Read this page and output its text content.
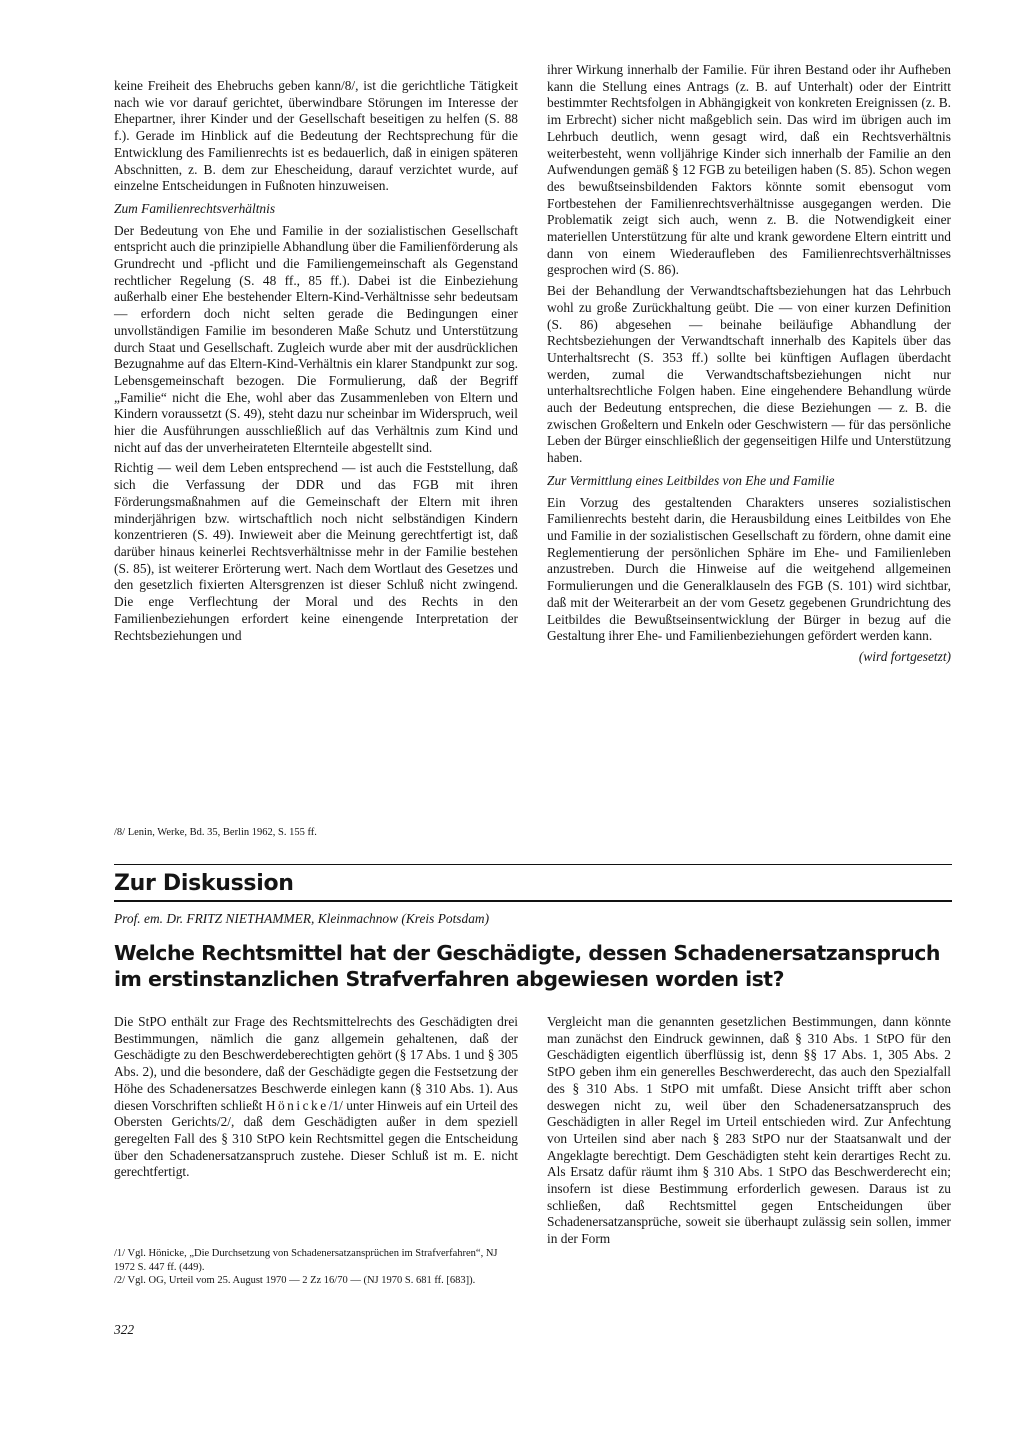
keine Freiheit des Ehebruchs geben kann/8/, ist die gerichtliche Tätigkeit nach wie vor darauf gerichtet, überwindbare Störungen im Interesse der Ehepartner, ihrer Kinder und der Gesellschaft beseitigen zu helfen (S. 88 f.). Gerade im Hinblick auf die Bedeutung der Rechtsprechung für die Entwicklung des Familienrechts ist es bedauerlich, daß in einigen späteren Abschnitten, z. B. dem zur Ehescheidung, darauf verzichtet wurde, auf einzelne Entscheidungen in Fußnoten hinzuweisen.

Zum Familienrechtsverhältnis

Der Bedeutung von Ehe und Familie in der sozialistischen Gesellschaft entspricht auch die prinzipielle Abhandlung über die Familienförderung als Grundrecht und -pflicht und die Familiengemeinschaft als Gegenstand rechtlicher Regelung (S. 48 ff., 85 ff.). Dabei ist die Einbeziehung außerhalb einer Ehe bestehender Eltern-Kind-Verhältnisse sehr bedeutsam — erfordern doch nicht selten gerade die Bedingungen einer unvollständigen Familie im besonderen Maße Schutz und Unterstützung durch Staat und Gesellschaft. Zugleich wurde aber mit der ausdrücklichen Bezugnahme auf das Eltern-Kind-Verhältnis ein klarer Standpunkt zur sog. Lebensgemeinschaft bezogen. Die Formulierung, daß der Begriff „Familie“ nicht die Ehe, wohl aber das Zusammenleben von Eltern und Kindern voraussetzt (S. 49), steht dazu nur scheinbar im Widerspruch, weil hier die Ausführungen ausschließlich auf das Verhältnis zum Kind und nicht auf das der unverheirateten Elternteile abgestellt sind.

Richtig — weil dem Leben entsprechend — ist auch die Feststellung, daß sich die Verfassung der DDR und das FGB mit ihren Förderungsmaßnahmen auf die Gemeinschaft der Eltern mit ihren minderjährigen bzw. wirtschaftlich noch nicht selbständigen Kindern konzentrieren (S. 49). Inwieweit aber die Meinung gerechtfertigt ist, daß darüber hinaus keinerlei Rechtsverhältnisse mehr in der Familie bestehen (S. 85), ist weiterer Erörterung wert. Nach dem Wortlaut des Gesetzes und den gesetzlich fixierten Altersgrenzen ist dieser Schluß nicht zwingend. Die enge Verflechtung der Moral und des Rechts in den Familienbeziehungen erfordert keine einengende Interpretation der Rechtsbeziehungen und

/8/ Lenin, Werke, Bd. 35, Berlin 1962, S. 155 ff.

ihrer Wirkung innerhalb der Familie. Für ihren Bestand oder ihr Aufheben kann die Stellung eines Antrags (z. B. auf Unterhalt) oder der Eintritt bestimmter Rechtsfolgen in Abhängigkeit von konkreten Ereignissen (z. B. im Erbrecht) sicher nicht maßgeblich sein. Das wird im übrigen auch im Lehrbuch deutlich, wenn gesagt wird, daß ein Rechtsverhältnis weiterbesteht, wenn volljährige Kinder sich innerhalb der Familie an den Aufwendungen gemäß § 12 FGB zu beteiligen haben (S. 85). Schon wegen des bewußtseinsbildenden Faktors könnte somit ebensogut vom Fortbestehen der Familienrechtsverhältnisse ausgegangen werden. Die Problematik zeigt sich auch, wenn z. B. die Notwendigkeit einer materiellen Unterstützung für alte und krank gewordene Eltern eintritt und dann von einem Wiederaufleben des Familienrechtsverhältnisses gesprochen wird (S. 86).

Bei der Behandlung der Verwandtschaftsbeziehungen hat das Lehrbuch wohl zu große Zurückhaltung geübt. Die — von einer kurzen Definition (S. 86) abgesehen — beinahe beiläufige Abhandlung der Rechtsbeziehungen der Verwandtschaft innerhalb des Kapitels über das Unterhaltsrecht (S. 353 ff.) sollte bei künftigen Auflagen überdacht werden, zumal die Verwandtschaftsbeziehungen nicht nur unterhaltsrechtliche Folgen haben. Eine eingehendere Behandlung würde auch der Bedeutung entsprechen, die diese Beziehungen — z. B. die zwischen Großeltern und Enkeln oder Geschwistern — für das persönliche Leben der Bürger einschließlich der gegenseitigen Hilfe und Unterstützung haben.

Zur Vermittlung eines Leitbildes von Ehe und Familie

Ein Vorzug des gestaltenden Charakters unseres sozialistischen Familienrechts besteht darin, die Herausbildung eines Leitbildes von Ehe und Familie in der sozialistischen Gesellschaft zu fördern, ohne damit eine Reglementierung der persönlichen Sphäre im Ehe- und Familienleben anzustreben. Durch die Hinweise auf die weitgehend allgemeinen Formulierungen und die Generalklauseln des FGB (S. 101) wird sichtbar, daß mit der Weiterarbeit an der vom Gesetz gegebenen Grundrichtung des Leitbildes die Bewußtseinsentwicklung der Bürger in bezug auf die Gestaltung ihrer Ehe- und Familienbeziehungen gefördert werden kann.

(wird fortgesetzt)

Zur Diskussion
Prof. em. Dr. FRITZ NIETHAMMER, Kleinmachnow (Kreis Potsdam)
Welche Rechtsmittel hat der Geschädigte, dessen Schadenersatzanspruch im erstinstanzlichen Strafverfahren abgewiesen worden ist?

Die StPO enthält zur Frage des Rechtsmittelrechts des Geschädigten drei Bestimmungen, nämlich die ganz allgemein gehaltenen, daß der Geschädigte zu den Beschwerdeberechtigten gehört (§ 17 Abs. 1 und § 305 Abs. 2), und die besondere, daß der Geschädigte gegen die Festsetzung der Höhe des Schadenersatzes Beschwerde einlegen kann (§ 310 Abs. 1). Aus diesen Vorschriften schließt Hönicke/1/ unter Hinweis auf ein Urteil des Obersten Gerichts/2/, daß dem Geschädigten außer in dem speziell geregelten Fall des § 310 StPO kein Rechtsmittel gegen die Entscheidung über den Schadenersatzanspruch zustehe. Dieser Schluß ist m. E. nicht gerechtfertigt.

/1/ Vgl. Hönicke, „Die Durchsetzung von Schadenersatzansprüchen im Strafverfahren“, NJ 1972 S. 447 ff. (449).

/2/ Vgl. OG, Urteil vom 25. August 1970 — 2 Zz 16/70 — (NJ 1970 S. 681 ff. [683]).

322

Vergleicht man die genannten gesetzlichen Bestimmungen, dann könnte man zunächst den Eindruck gewinnen, daß § 310 Abs. 1 StPO für den Geschädigten eigentlich überflüssig ist, denn §§ 17 Abs. 1, 305 Abs. 2 StPO geben ihm ein generelles Beschwerderecht, das auch den Spezialfall des § 310 Abs. 1 StPO mit umfaßt. Diese Ansicht trifft aber schon deswegen nicht zu, weil über den Schadenersatzanspruch des Geschädigten in aller Regel im Urteil entschieden wird. Zur Anfechtung von Urteilen sind aber nach § 283 StPO nur der Staatsanwalt und der Angeklagte berechtigt. Dem Geschädigten steht kein derartiges Recht zu. Als Ersatz dafür räumt ihm § 310 Abs. 1 StPO das Beschwerderecht ein; insofern ist diese Bestimmung erforderlich gewesen. Daraus ist zu schließen, daß Rechtsmittel gegen Entscheidungen über Schadenersatzansprüche, soweit sie überhaupt zulässig sein sollen, immer in der Form
